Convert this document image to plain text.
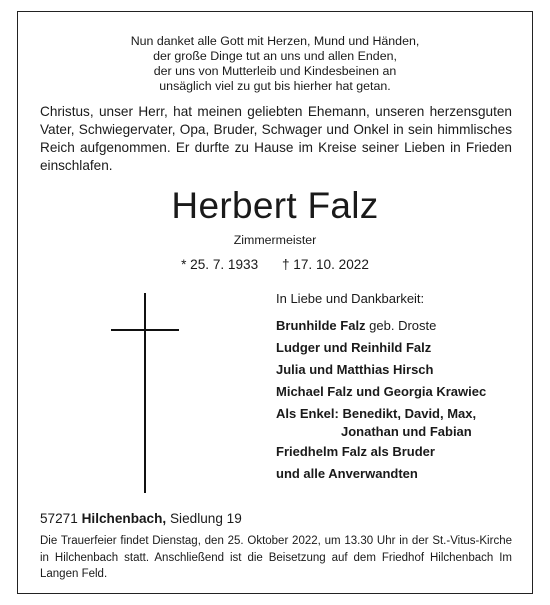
Nun danket alle Gott mit Herzen, Mund und Händen,
der große Dinge tut an uns und allen Enden,
der uns von Mutterleib und Kindesbeinen an
unsäglich viel zu gut bis hierher hat getan.
Christus, unser Herr, hat meinen geliebten Ehemann, unseren herzensguten Vater, Schwiegervater, Opa, Bruder, Schwager und Onkel in sein himmlisches Reich aufgenommen. Er durfte zu Hause im Kreise seiner Lieben in Frieden einschlafen.
Herbert Falz
Zimmermeister
* 25. 7. 1933 † 17. 10. 2022
In Liebe und Dankbarkeit:
Brunhilde Falz geb. Droste
Ludger und Reinhild Falz
Julia und Matthias Hirsch
Michael Falz und Georgia Krawiec
Als Enkel: Benedikt, David, Max,
Jonathan und Fabian
Friedhelm Falz als Bruder
und alle Anverwandten
57271 Hilchenbach, Siedlung 19
Die Trauerfeier findet Dienstag, den 25. Oktober 2022, um 13.30 Uhr in der St.-Vitus-Kirche in Hilchenbach statt. Anschließend ist die Beisetzung auf dem Friedhof Hilchenbach Im Langen Feld.
